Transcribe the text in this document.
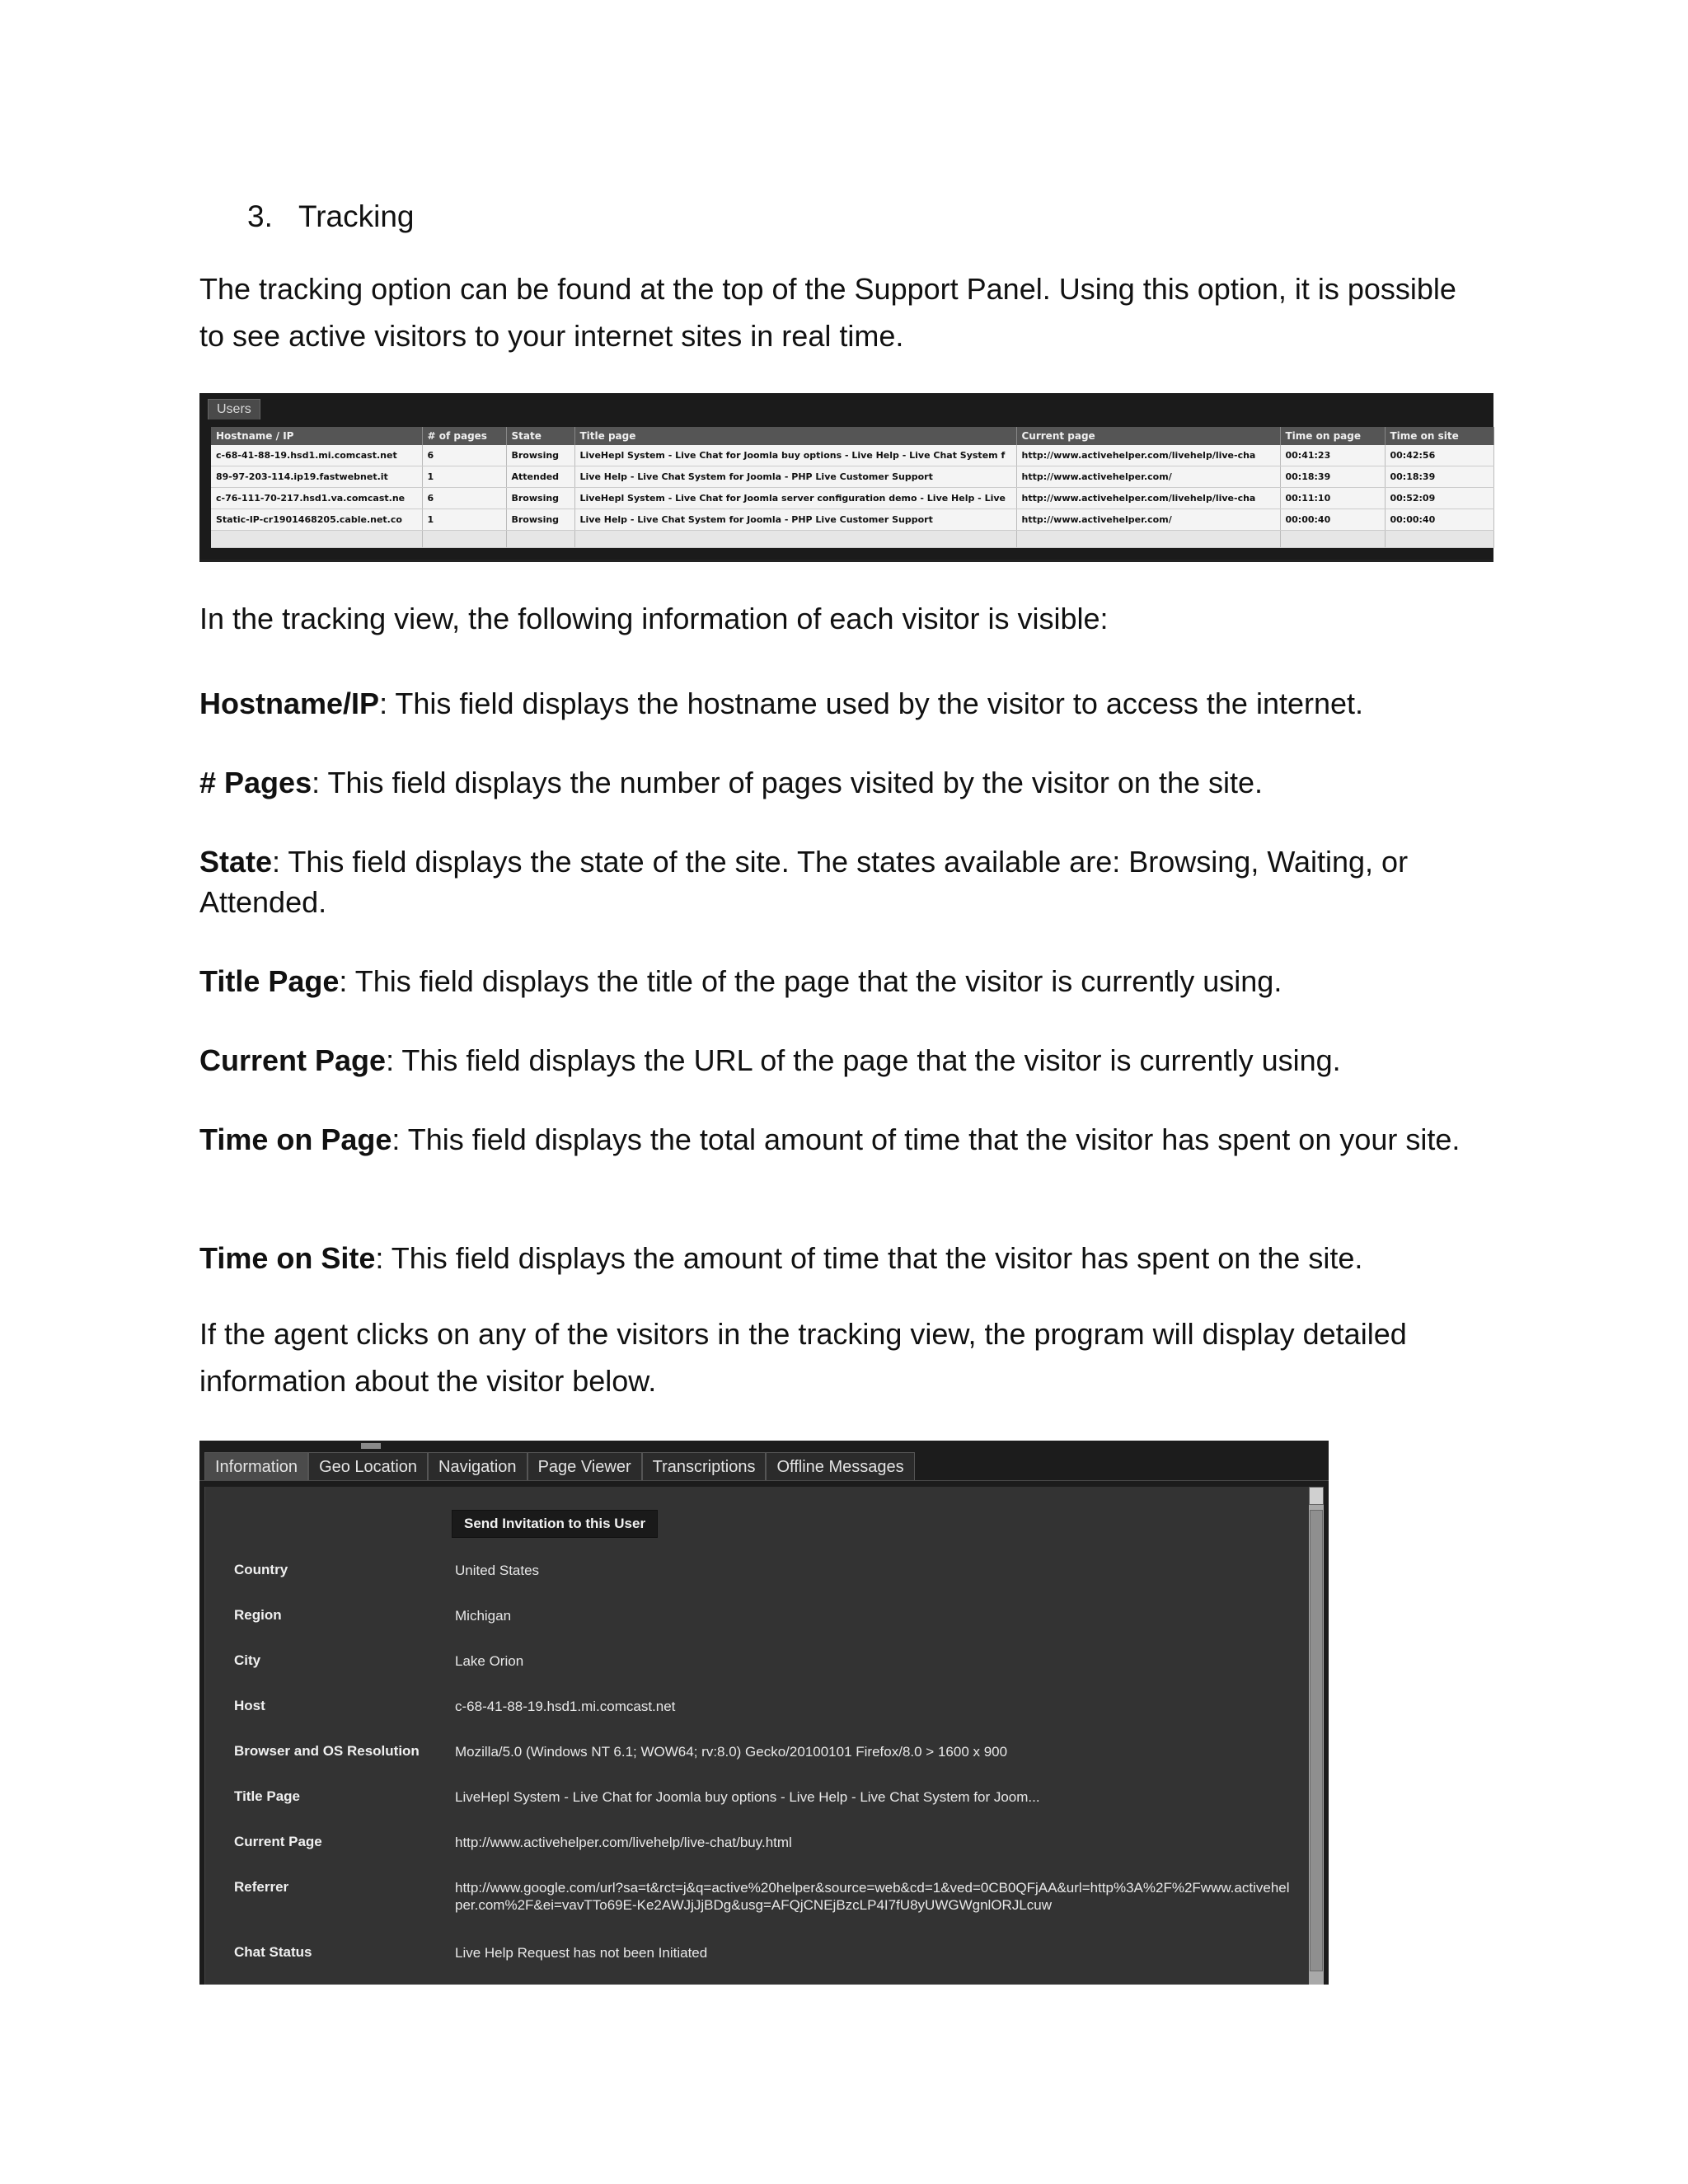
3. Tracking

The tracking option can be found at the top of the Support Panel. Using this option, it is possible to see active visitors to your internet sites in real time.

Users
Hostname / IP	# of pages	State	Title page	Current page	Time on page	Time on site
c-68-41-88-19.hsd1.mi.comcast.net	6	Browsing	LiveHepl System - Live Chat for Joomla buy options - Live Help - Live Chat System f	http://www.activehelper.com/livehelp/live-cha	00:41:23	00:42:56
89-97-203-114.ip19.fastwebnet.it	1	Attended	Live Help - Live Chat System for Joomla - PHP Live Customer Support	http://www.activehelper.com/	00:18:39	00:18:39
c-76-111-70-217.hsd1.va.comcast.ne	6	Browsing	LiveHepl System - Live Chat for Joomla server configuration demo - Live Help - Live	http://www.activehelper.com/livehelp/live-cha	00:11:10	00:52:09
Static-IP-cr1901468205.cable.net.co	1	Browsing	Live Help - Live Chat System for Joomla - PHP Live Customer Support	http://www.activehelper.com/	00:00:40	00:00:40

In the tracking view, the following information of each visitor is visible:

Hostname/IP: This field displays the hostname used by the visitor to access the internet.

# Pages: This field displays the number of pages visited by the visitor on the site.

State: This field displays the state of the site. The states available are: Browsing, Waiting, or Attended.

Title Page: This field displays the title of the page that the visitor is currently using.

Current Page: This field displays the URL of the page that the visitor is currently using.

Time on Page: This field displays the total amount of time that the visitor has spent on your site.

Time on Site: This field displays the amount of time that the visitor has spent on the site.

If the agent clicks on any of the visitors in the tracking view, the program will display detailed information about the visitor below.

Information	Geo Location	Navigation	Page Viewer	Transcriptions	Offline Messages
Send Invitation to this User
Country	United States
Region	Michigan
City	Lake Orion
Host	c-68-41-88-19.hsd1.mi.comcast.net
Browser and OS Resolution	Mozilla/5.0 (Windows NT 6.1; WOW64; rv:8.0) Gecko/20100101 Firefox/8.0 > 1600 x 900
Title Page	LiveHepl System - Live Chat for Joomla buy options - Live Help - Live Chat System for Joom...
Current Page	http://www.activehelper.com/livehelp/live-chat/buy.html
Referrer	http://www.google.com/url?sa=t&rct=j&q=active%20helper&source=web&cd=1&ved=0CB0QFjAA&url=http%3A%2F%2Fwww.activehelper.com%2F&ei=vavTTo69E-Ke2AWJjJjBDg&usg=AFQjCNEjBzcLP4I7fU8yUWGWgnlORJLcuw
Chat Status	Live Help Request has not been Initiated
